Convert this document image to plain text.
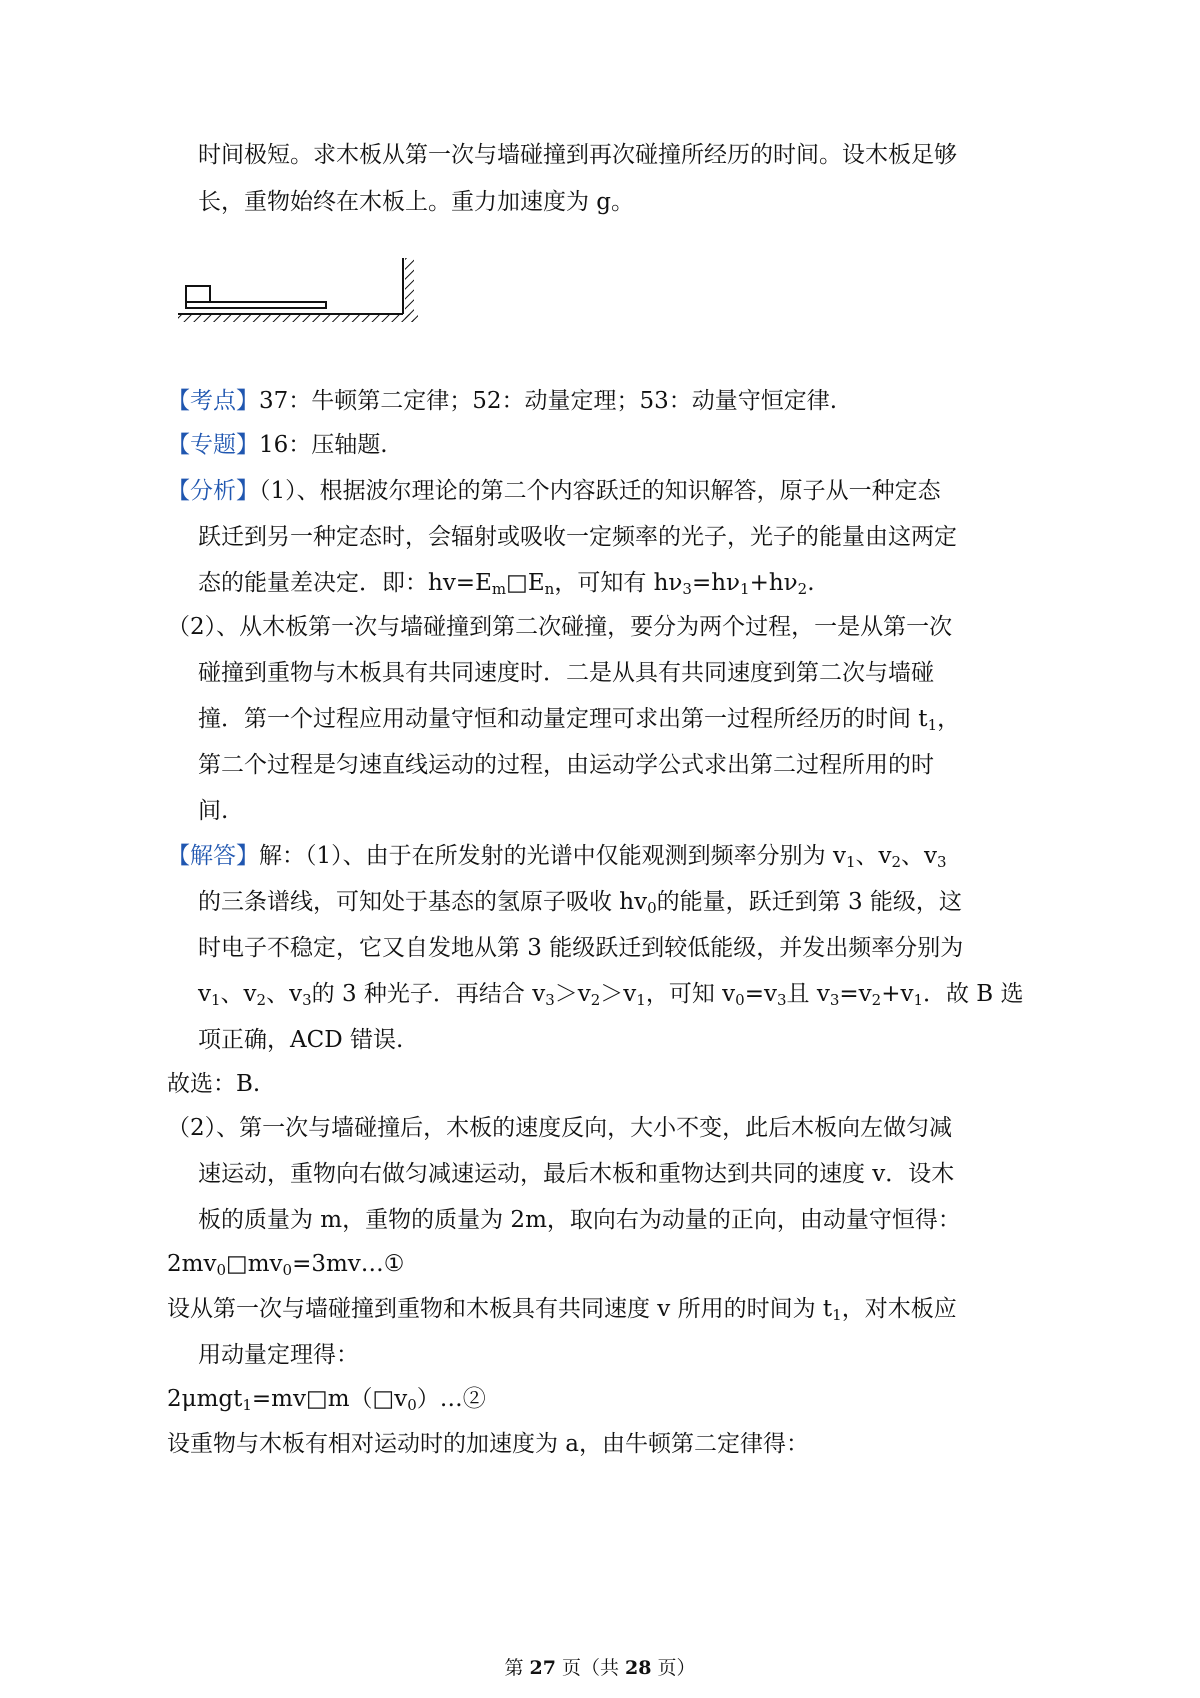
时间极短。求木板从第一次与墙碰撞到再次碰撞所经历的时间。设木板足够
长，重物始终在木板上。重力加速度为 g。
【考点】37：牛顿第二定律；52：动量定理；53：动量守恒定律.
【专题】16：压轴题.
【分析】（1）、根据波尔理论的第二个内容跃迁的知识解答，原子从一种定态
跃迁到另一种定态时，会辐射或吸收一定频率的光子，光子的能量由这两定
态的能量差决定．即：$hv=E_m□E_n$，可知有 $h\nu_3=h\nu_1+h\nu_2$.
（2）、从木板第一次与墙碰撞到第二次碰撞，要分为两个过程，一是从第一次
碰撞到重物与木板具有共同速度时．二是从具有共同速度到第二次与墙碰
撞．第一个过程应用动量守恒和动量定理可求出第一过程所经历的时间 $t_1$，
第二个过程是匀速直线运动的过程，由运动学公式求出第二过程所用的时
间.
【解答】解：（1）、由于在所发射的光谱中仅能观测到频率分别为 $v_1$、$v_2$、$v_3$
的三条谱线，可知处于基态的氢原子吸收 $hv_0$的能量，跃迁到第 3 能级，这
时电子不稳定，它又自发地从第 3 能级跃迁到较低能级，并发出频率分别为
$v_1$、$v_2$、$v_3$的 3 种光子．再结合 $v_3>v_2>v_1$，可知 $v_0=v_3$且 $v_3=v_2+v_1$．故 B 选
项正确，ACD 错误.
故选：B.
（2）、第一次与墙碰撞后，木板的速度反向，大小不变，此后木板向左做匀减
速运动，重物向右做匀减速运动，最后木板和重物达到共同的速度 v．设木
板的质量为 m，重物的质量为 2m，取向右为动量的正向，由动量守恒得：
$2mv_0□mv_0=3mv\dots ①$
设从第一次与墙碰撞到重物和木板具有共同速度 v 所用的时间为 $t_1$，对木板应
用动量定理得：
$2\mu mgt_1=mv□m(□v_0)\dots ②$
设重物与木板有相对运动时的加速度为 a，由牛顿第二定律得：
第 27 页（共 28 页）
